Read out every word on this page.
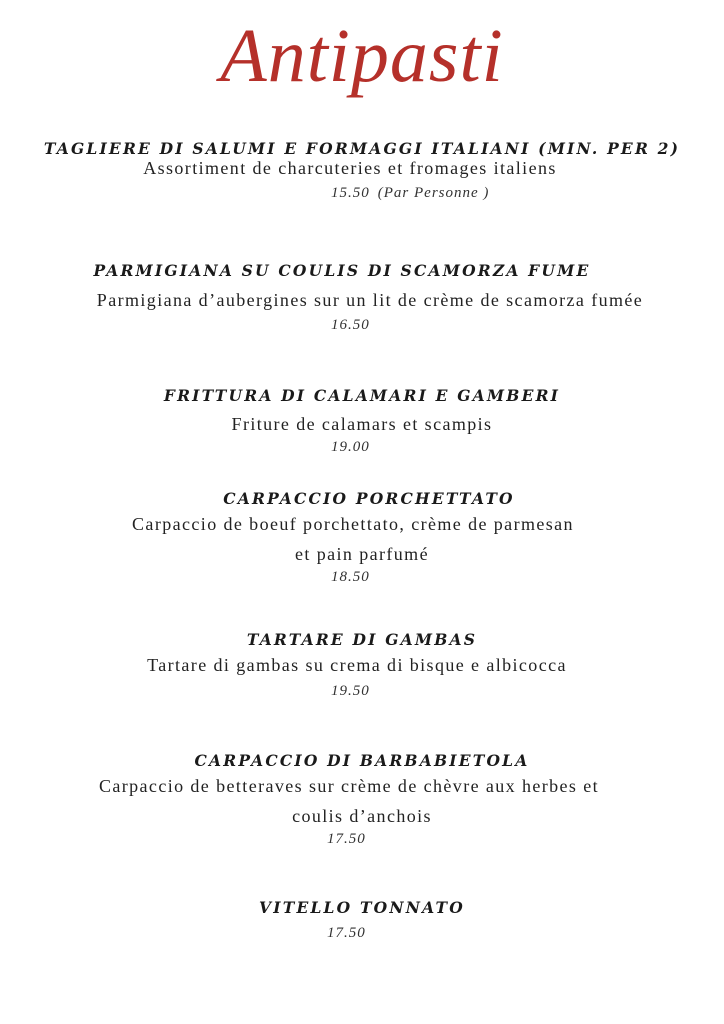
Antipasti
TAGLIERE DI SALUMI E FORMAGGI ITALIANI (MIN. PER 2)
Assortiment de charcuteries et fromages italiens
15.50 (Par Personne )
PARMIGIANA SU COULIS DI SCAMORZA FUME
Parmigiana d’aubergines sur un lit de crème de scamorza fumée
16.50
FRITTURA DI CALAMARI E GAMBERI
Friture de calamars et scampis
19.00
CARPACCIO PORCHETTATO
Carpaccio de boeuf porchettato, crème de parmesan
et pain parfumé
18.50
TARTARE DI GAMBAS
Tartare di gambas su crema di bisque e albicocca
19.50
CARPACCIO DI BARBABIETOLA
Carpaccio de betteraves sur crème de chèvre aux herbes et
coulis d’anchois
17.50
VITELLO TONNATO
17.50
